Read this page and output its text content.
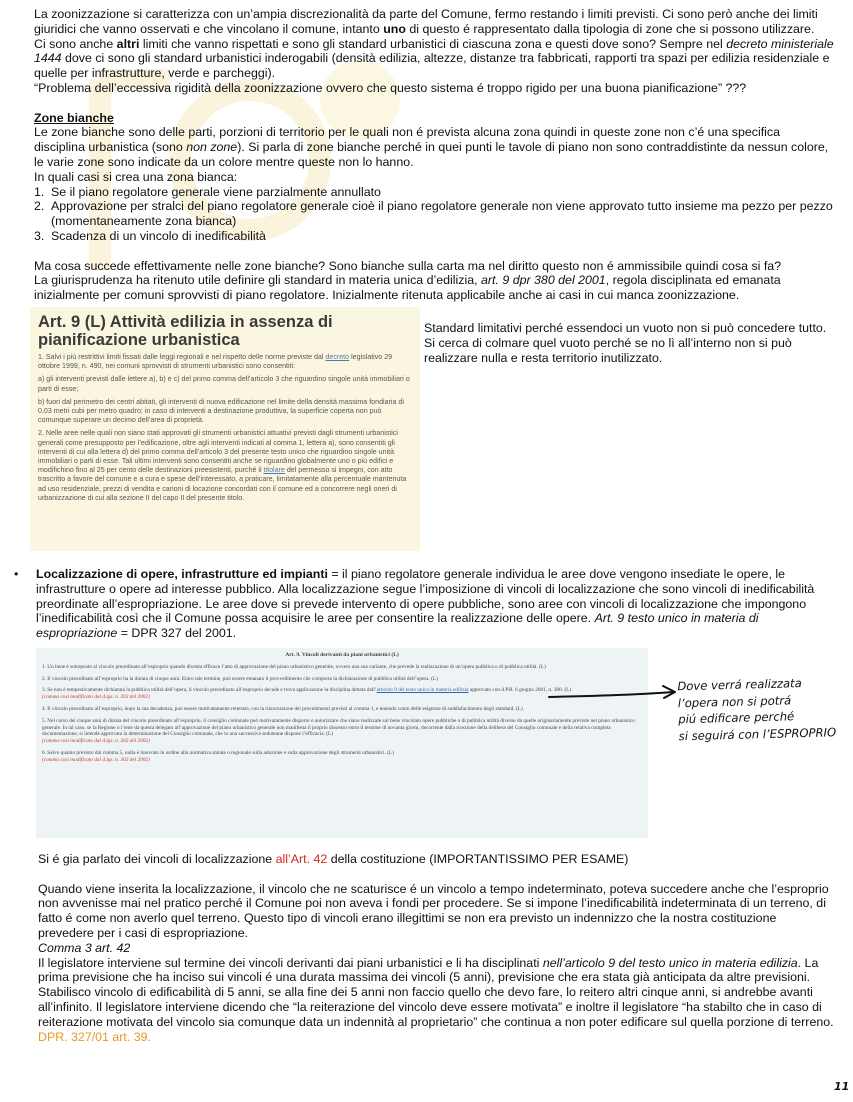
La zoonizzazione si caratterizza con un’ampia discrezionalità da parte del Comune, fermo restando i limiti previsti. Ci sono però anche dei limiti giuridici che vanno osservati e che vincolano il comune, intanto uno di questo é rappresentato dalla tipologia di zone che si possono utilizzare.

Ci sono anche altri limiti che vanno rispettati e sono gli standard urbanistici di ciascuna zona e questi dove sono? Sempre nel decreto ministeriale 1444 dove ci sono gli standard urbanistici inderogabili (densità edilizia, altezze, distanze tra fabbricati, rapporti tra spazi per edilizia residenziale e quelle per infrastrutture, verde e parcheggi).

“Problema dell’eccessiva rigidità della zoonizzazione ovvero che questo sistema é troppo rigido per una buona pianificazione” ???

Zone bianche

Le zone bianche sono delle parti, porzioni di territorio per le quali non é prevista alcuna zona quindi in queste zone non c’é una specifica disciplina urbanistica (sono non zone). Si parla di zone bianche perché in quei punti le tavole di piano non sono contraddistinte da nessun colore, le varie zone sono indicate da un colore mentre queste non lo hanno.

In quali casi si crea una zona bianca:

1. Se il piano regolatore generale viene parzialmente annullato
2. Approvazione per stralci del piano regolatore generale cioè il piano regolatore generale non viene approvato tutto insieme ma pezzo per pezzo (momentaneamente zona bianca)
3. Scadenza di un vincolo di inedificabilità

Ma cosa succede effettivamente nelle zone bianche? Sono bianche sulla carta ma nel diritto questo non é ammissibile quindi cosa si fa?

La giurisprudenza ha ritenuto utile definire gli standard in materia unica d’edilizia, art. 9 dpr 380 del 2001, regola disciplinata ed emanata inizialmente per comuni sprovvisti di piano regolatore. Inizialmente ritenuta applicabile anche ai casi in cui manca zoonizzazione.

Art. 9 (L) Attività edilizia in assenza di pianificazione urbanistica
1. Salvi i più restrittivi limiti fissati dalle leggi regionali e nel rispetto delle norme previste dal decreto legislativo 29 ottobre 1999, n. 490, nei comuni sprovvisti di strumenti urbanistici sono consentiti:
a) gli interventi previsti dalle lettere a), b) e c) del primo comma dell’articolo 3 che riguardino singole unità immobiliari o parti di esse;
b) fuori dal perimetro dei centri abitati, gli interventi di nuova edificazione nel limite della densità massima fondiaria di 0,03 metri cubi per metro quadro; in caso di interventi a destinazione produttiva, la superficie coperta non può comunque superare un decimo dell’area di proprietà.
2. Nelle aree nelle quali non siano stati approvati gli strumenti urbanistici attuativi previsti dagli strumenti urbanistici generali come presupposto per l’edificazione, oltre agli interventi indicati al comma 1, lettera a), sono consentiti gli interventi di cui alla lettera d) del primo comma dell’articolo 3 del presente testo unico che riguardino singole unità immobiliari o parti di esse. Tali ultimi interventi sono consentiti anche se riguardino globalmente uno o più edifici e modifichino fino al 25 per cento delle destinazioni preesistenti, purché il titolare del permesso si impegni, con atto trascritto a favore del comune e a cura e spese dell’interessato, a praticare, limitatamente alla percentuale mantenuta ad uso residenziale, prezzi di vendita e canoni di locazione concordati con il comune ed a concorrere negli oneri di urbanizzazione di cui alla sezione II del capo II del presente titolo.

Standard limitativi perché essendoci un vuoto non si può concedere tutto. Si cerca di colmare quel vuoto perché se no lì all’interno non si può realizzare nulla e resta territorio inutilizzato.

• Localizzazione di opere, infrastrutture ed impianti = il piano regolatore generale individua le aree dove vengono insediate le opere, le infrastrutture o opere ad interesse pubblico. Alla localizzazione segue l’imposizione di vincoli di localizzazione che sono vincoli di inedificabilità preordinate all’espropriazione. Le aree dove si prevede intervento di opere pubbliche, sono aree con vincoli di localizzazione che impongono l’inedificabilità così che il Comune possa acquisire le aree per consentire la realizzazione delle opere. Art. 9 testo unico in materia di espropriazione = DPR 327 del 2001.

Art. 9. Vincoli derivanti da piani urbanistici (L)
1. Un bene è sottoposto al vincolo preordinato all’esproprio quando diventa efficace l’atto di approvazione del piano urbanistico generale, ovvero una sua variante, che prevede la realizzazione di un’opera pubblica o di pubblica utilità. (L)
2. Il vincolo preordinato all’esproprio ha la durata di cinque anni. Entro tale termine, può essere emanato il provvedimento che comporta la dichiarazione di pubblica utilità dell’opera. (L)
3. Se non è tempestivamente dichiarata la pubblica utilità dell’opera, il vincolo preordinato all’esproprio decade e trova applicazione la disciplina dettata dall’articolo 9 del testo unico in materia edilizia approvato con d.P.R. 6 giugno 2001, n. 380. (L)
(comma così modificato dal d.lgs. n. 302 del 2002)
4. Il vincolo preordinato all’esproprio, dopo la sua decadenza, può essere motivatamente reiterato, con la rinnovazione dei procedimenti previsti al comma 1, e tenendo conto delle esigenze di soddisfacimento degli standard. (L)
5. Nel corso dei cinque anni di durata del vincolo preordinato all’esproprio, il consiglio comunale può motivatamente disporre o autorizzare che siano realizzate sul bene vincolato opere pubbliche o di pubblica utilità diverse da quelle originariamente previste nel piano urbanistico generale. In tal caso, se la Regione o l’ente da questa delegato all’approvazione del piano urbanistico generale non manifesta il proprio dissenso entro il termine di novanta giorni, decorrente dalla ricezione della delibera del Consiglio comunale e della relativa completa documentazione, si intende approvata la determinazione del Consiglio comunale, che in una successiva seduteane dispone l’efficacia. (L)
(comma così modificato dal d.lgs. n. 302 del 2002)
6. Salvo quanto previsto dal comma 5, nulla è innovato in ordine alla normativa statale o regionale sulla adozione e sulla approvazione degli strumenti urbanistici. (L)
(comma così modificato dal d.lgs. n. 302 del 2002)
Dove verrá realizzata
l’opera non si potrá
piú edificare perché
si seguirá con l’ESPROPRIO

Si é gia parlato dei vincoli di localizzazione all’Art. 42 della costituzione (IMPORTANTISSIMO PER ESAME)

Quando viene inserita la localizzazione, il vincolo che ne scaturisce é un vincolo a tempo indeterminato, poteva succedere anche che l’esproprio non avvenisse mai nel pratico perché il Comune poi non aveva i fondi per procedere. Se si impone l’inedificabilità indeterminata di un terreno, di fatto é come non averlo quel terreno. Questo tipo di vincoli erano illegittimi se non era previsto un indennizzo che la nostra costituzione prevedere per i casi di espropriazione.

Comma 3 art. 42

Il legislatore interviene sul termine dei vincoli derivanti dai piani urbanistici e li ha disciplinati nell’articolo 9 del testo unico in materia edilizia. La prima previsione che ha inciso sui vincoli é una durata massima dei vincoli (5 anni), previsione che era stata già anticipata da altre previsioni. Stabilisco vincolo di edificabilità di 5 anni, se alla fine dei 5 anni non faccio quello che devo fare, lo reitero altri cinque anni, si andrebbe avanti all’infinito. Il legislatore interviene dicendo che “la reiterazione del vincolo deve essere motivata” e inoltre il legislatore “ha stabilto che in caso di reiterazione motivata del vincolo sia comunque data un indennità al proprietario” che continua a non poter edificare sul quella porzione di terreno. DPR. 327/01 art. 39.

11
